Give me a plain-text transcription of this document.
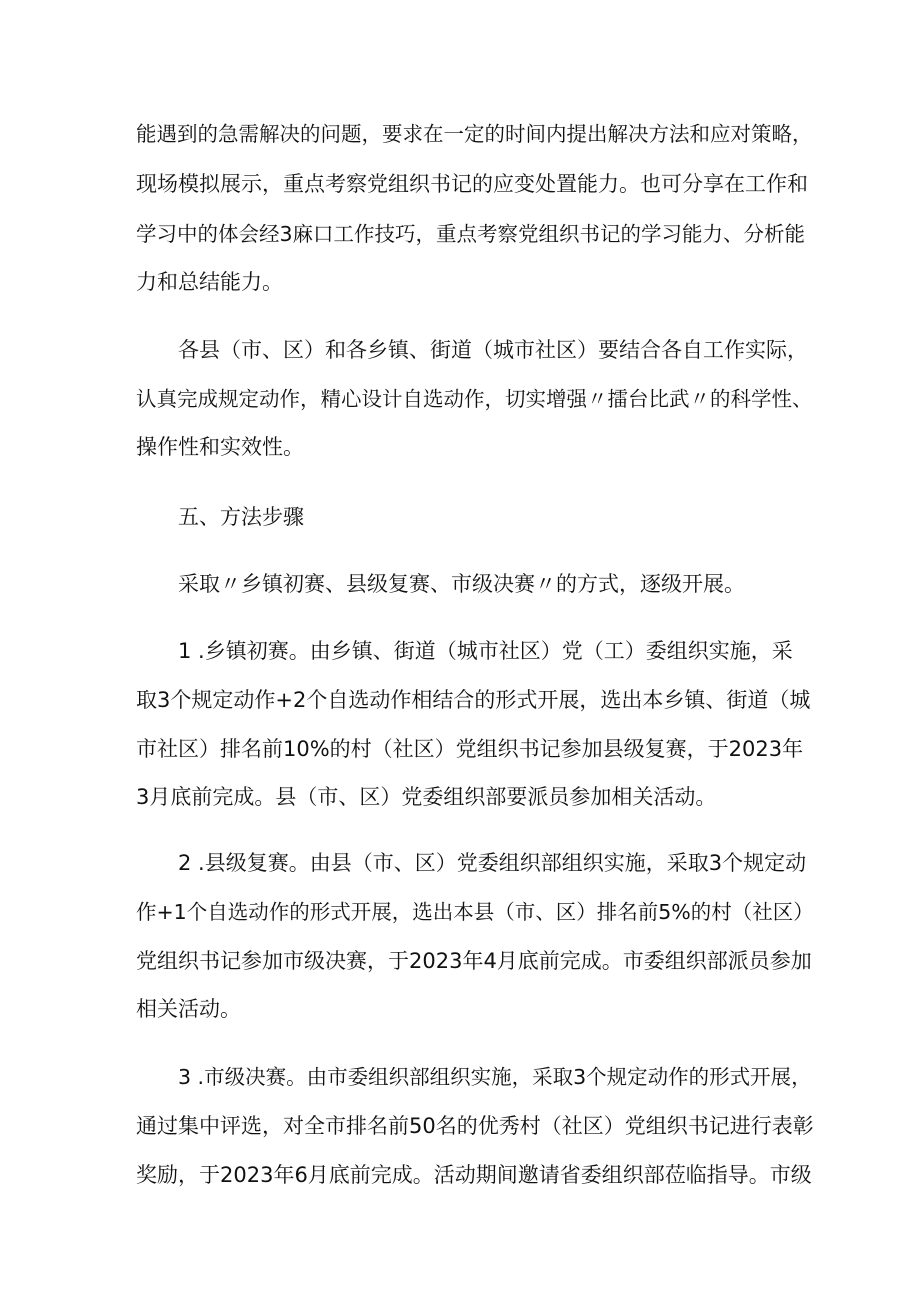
能遇到的急需解决的问题，要求在一定的时间内提出解决方法和应对策略，
现场模拟展示，重点考察党组织书记的应变处置能力。也可分享在工作和
学习中的体会经3麻口工作技巧，重点考察党组织书记的学习能力、分析能
力和总结能力。
各县（市、区）和各乡镇、街道（城市社区）要结合各自工作实际，
认真完成规定动作，精心设计自选动作，切实增强〃擂台比武〃的科学性、
操作性和实效性。
五、方法步骤
采取〃乡镇初赛、县级复赛、市级决赛〃的方式，逐级开展。
1 .乡镇初赛。由乡镇、街道（城市社区）党（工）委组织实施，采
取3个规定动作+2个自选动作相结合的形式开展，选出本乡镇、街道（城
市社区）排名前10%的村（社区）党组织书记参加县级复赛，于2023年
3月底前完成。县（市、区）党委组织部要派员参加相关活动。
2 .县级复赛。由县（市、区）党委组织部组织实施，采取3个规定动
作+1个自选动作的形式开展，选出本县（市、区）排名前5%的村（社区）
党组织书记参加市级决赛，于2023年4月底前完成。市委组织部派员参加
相关活动。
3 .市级决赛。由市委组织部组织实施，采取3个规定动作的形式开展，
通过集中评选，对全市排名前50名的优秀村（社区）党组织书记进行表彰
奖励，于2023年6月底前完成。活动期间邀请省委组织部莅临指导。市级
